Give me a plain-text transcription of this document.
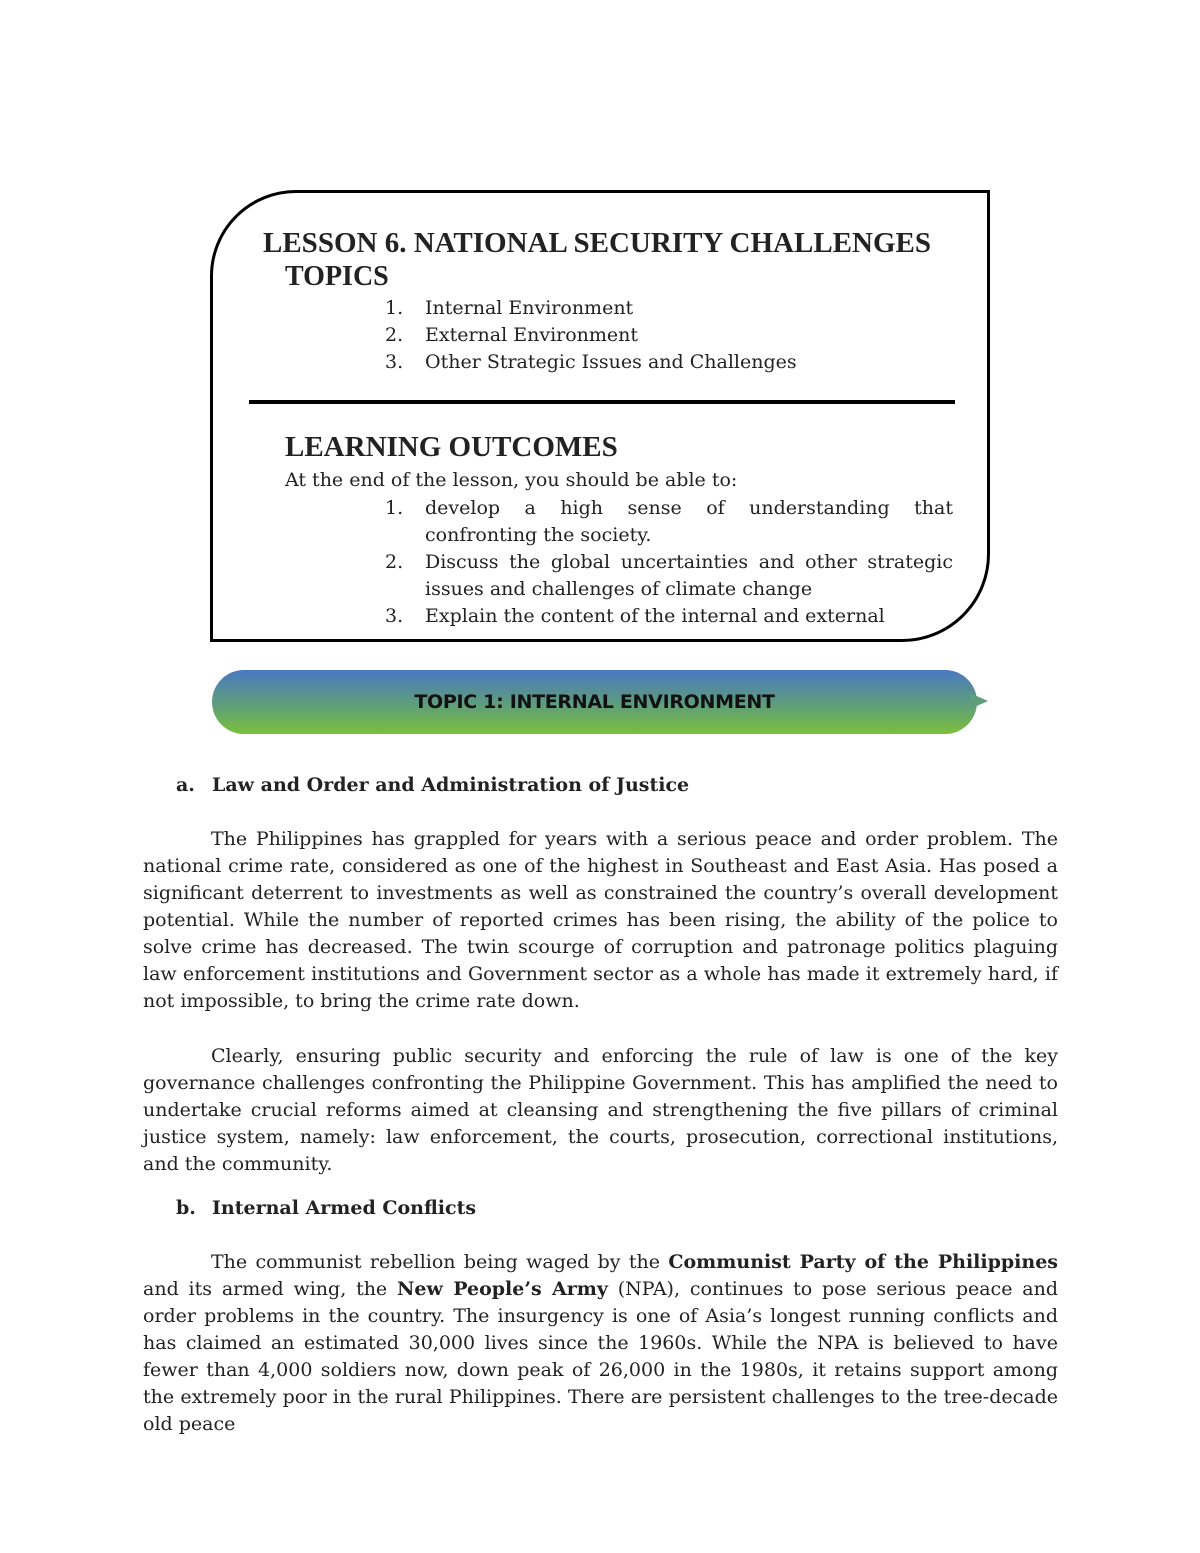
LESSON 6. NATIONAL SECURITY CHALLENGES
TOPICS
1. Internal Environment
2. External Environment
3. Other Strategic Issues and Challenges
LEARNING OUTCOMES
At the end of the lesson, you should be able to:
1. develop a high sense of understanding that confronting the society.
2. Discuss the global uncertainties and other strategic issues and challenges of climate change
3. Explain the content of the internal and external
TOPIC 1: INTERNAL ENVIRONMENT
a. Law and Order and Administration of Justice

The Philippines has grappled for years with a serious peace and order problem. The national crime rate, considered as one of the highest in Southeast and East Asia. Has posed a significant deterrent to investments as well as constrained the country’s overall development potential. While the number of reported crimes has been rising, the ability of the police to solve crime has decreased. The twin scourge of corruption and patronage politics plaguing law enforcement institutions and Government sector as a whole has made it extremely hard, if not impossible, to bring the crime rate down.

Clearly, ensuring public security and enforcing the rule of law is one of the key governance challenges confronting the Philippine Government. This has amplified the need to undertake crucial reforms aimed at cleansing and strengthening the five pillars of criminal justice system, namely: law enforcement, the courts, prosecution, correctional institutions, and the community.

b. Internal Armed Conflicts

The communist rebellion being waged by the Communist Party of the Philippines and its armed wing, the New People’s Army (NPA), continues to pose serious peace and order problems in the country. The insurgency is one of Asia’s longest running conflicts and has claimed an estimated 30,000 lives since the 1960s. While the NPA is believed to have fewer than 4,000 soldiers now, down peak of 26,000 in the 1980s, it retains support among the extremely poor in the rural Philippines. There are persistent challenges to the tree-decade old peace
